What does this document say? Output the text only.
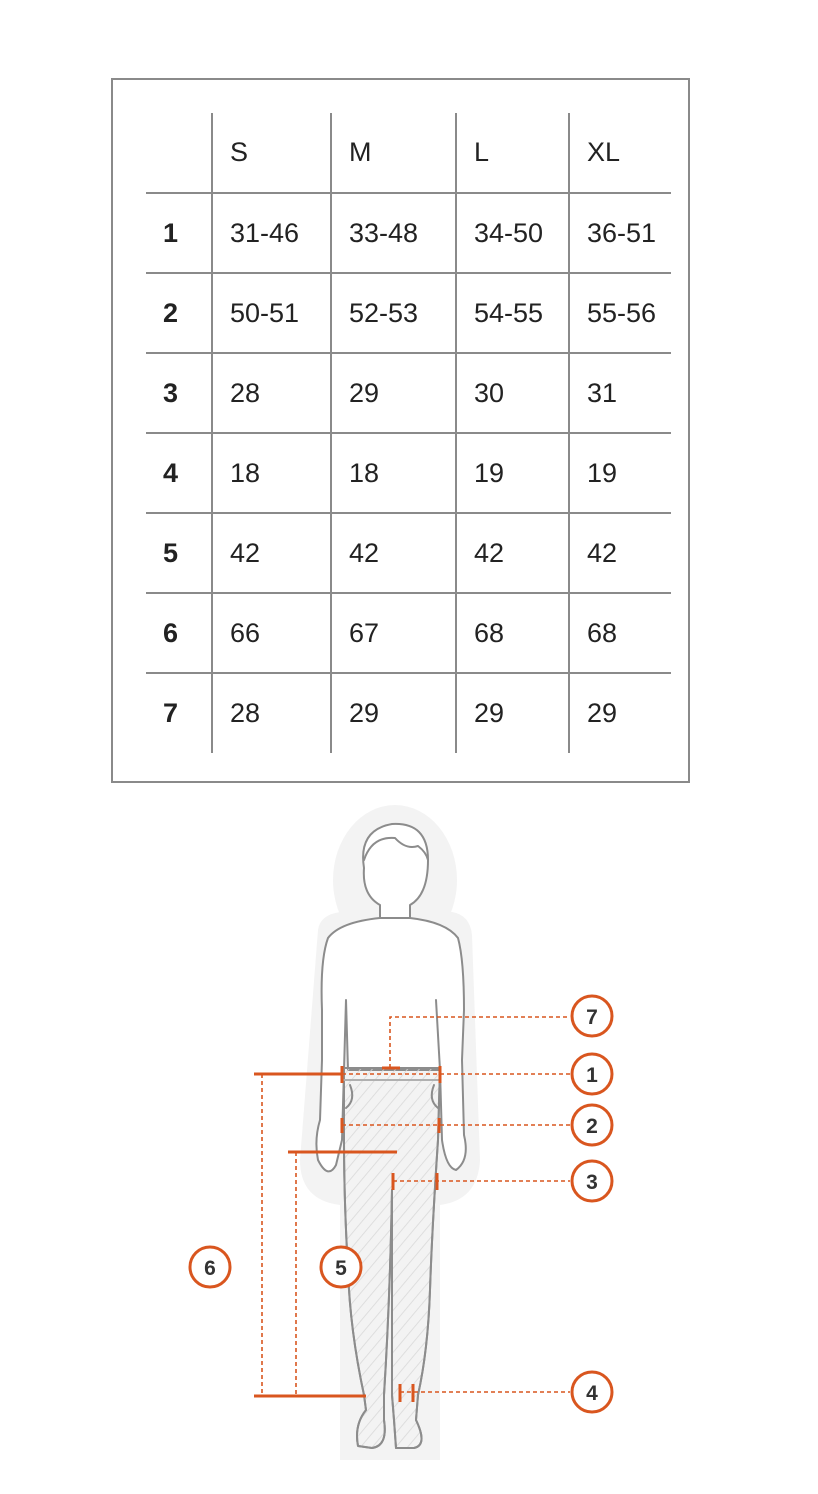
	S	M	L	XL
1	31-46	33-48	34-50	36-51
2	50-51	52-53	54-55	55-56
3	28	29	30	31
4	18	18	19	19
5	42	42	42	42
6	66	67	68	68
7	28	29	29	29
7
1
2
3
4
5
6
